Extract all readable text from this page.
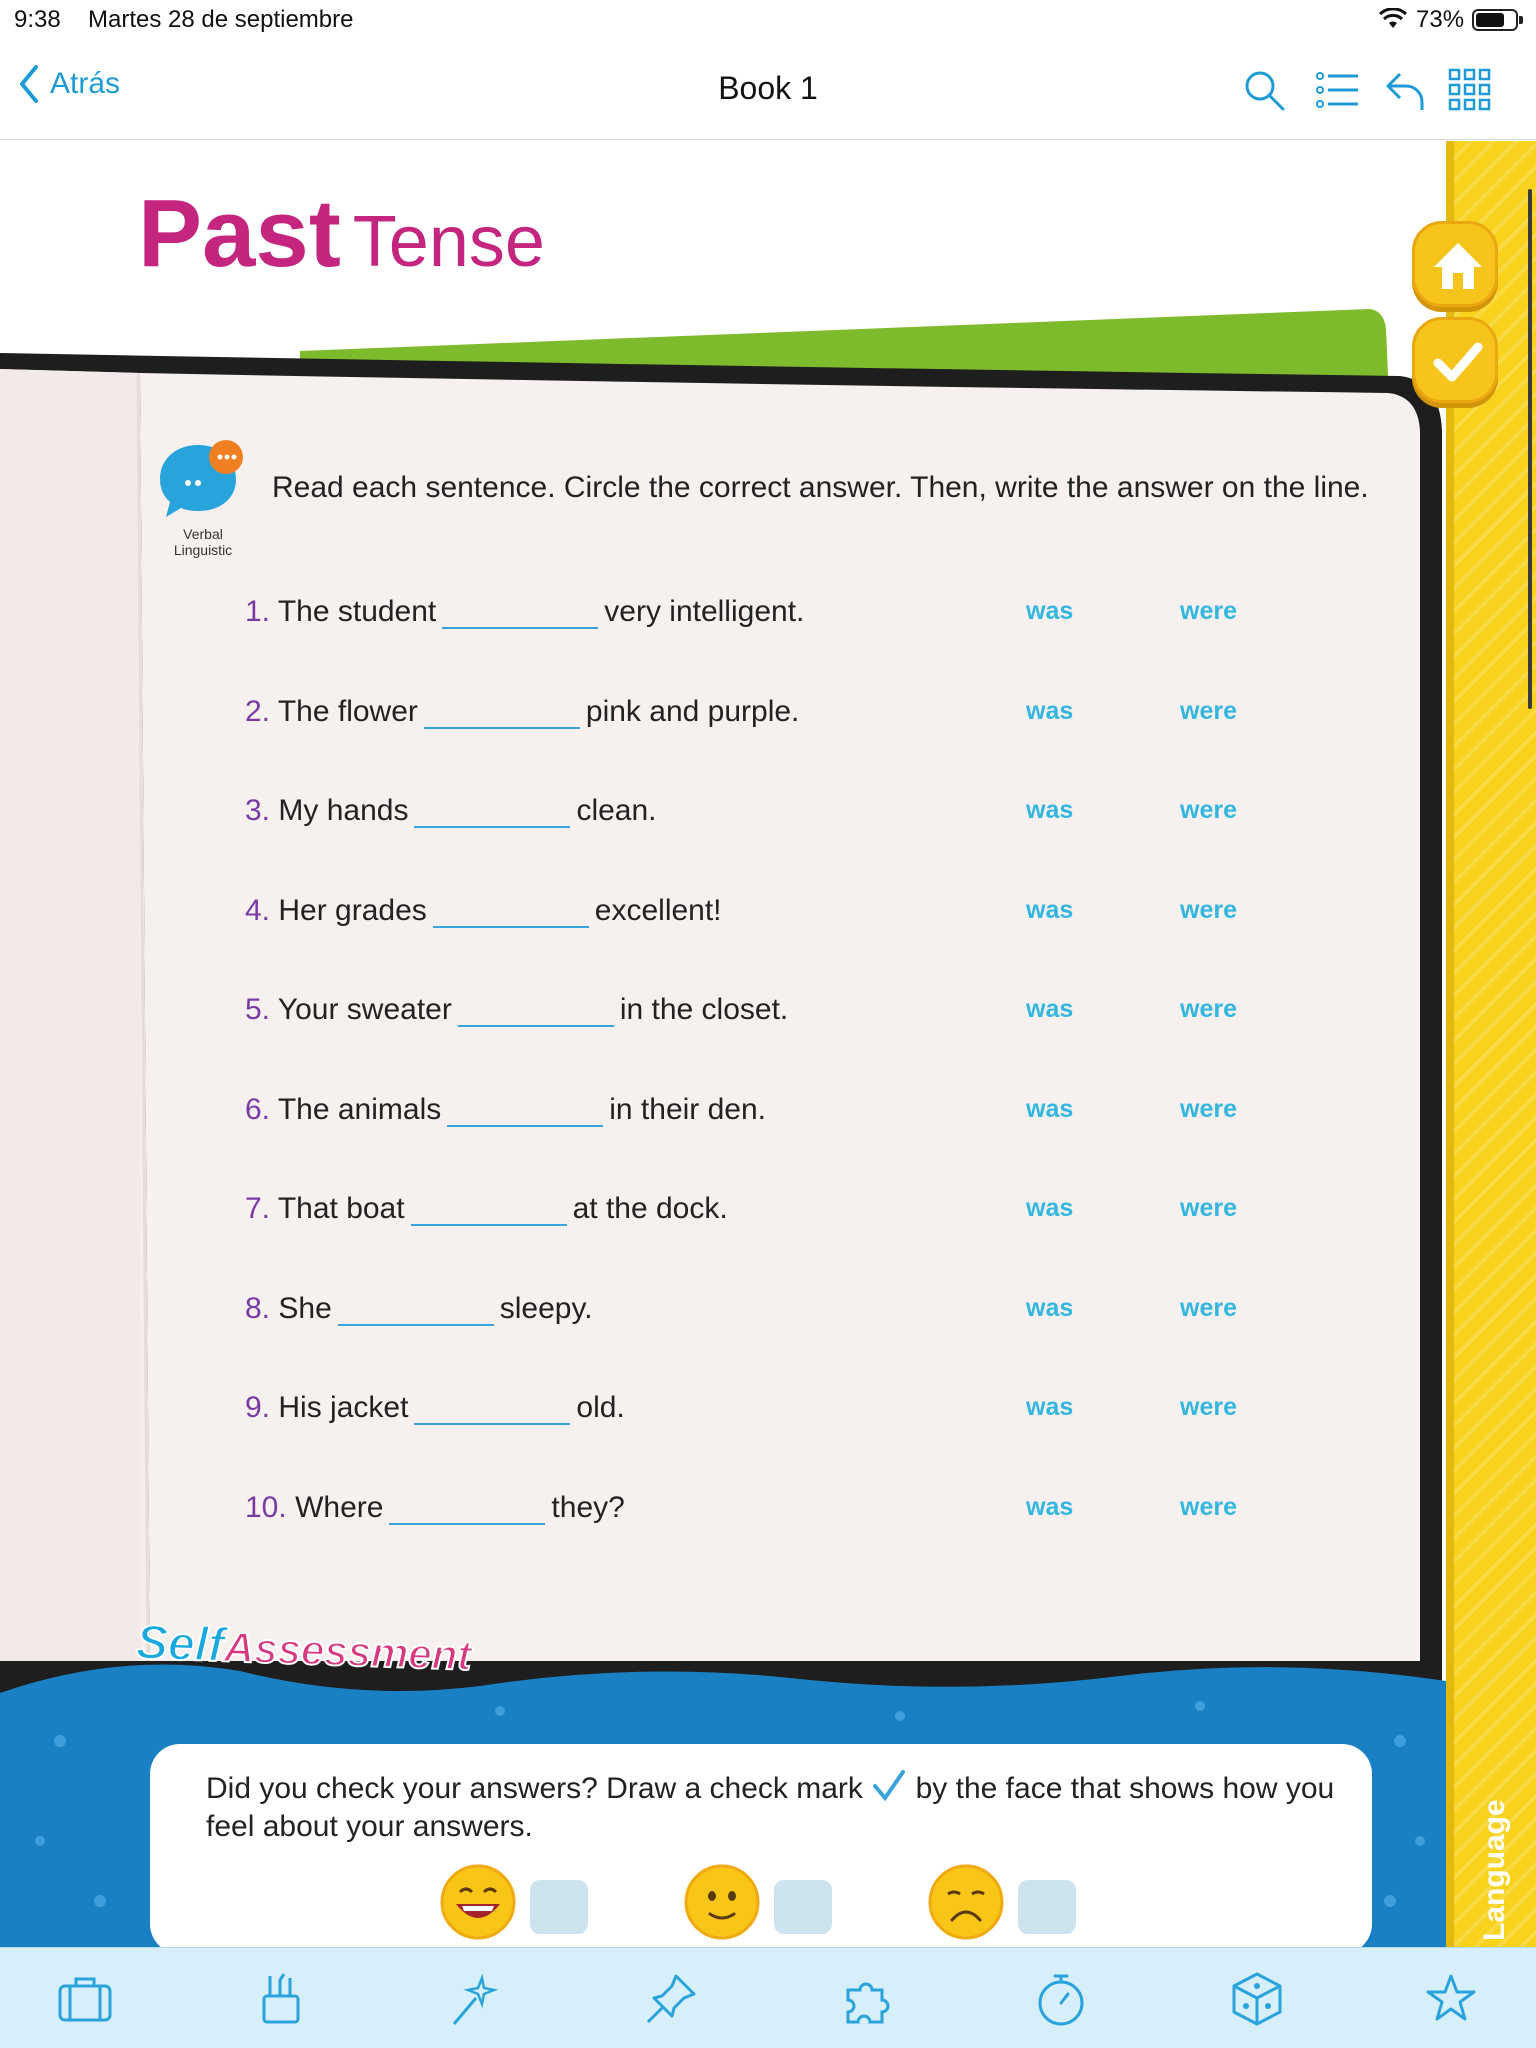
9:38 Martes 28 de septiembre	73%
Atrás	Book 1
Past Tense
Language
Verbal Linguistic
Read each sentence. Circle the correct answer. Then, write the answer on the line.
1. The student	very intelligent.	was	were
2. The flower	pink and purple.	was	were
3. My hands	clean.	was	were
4. Her grades	excellent!	was	were
5. Your sweater	in the closet.	was	were
6. The animals	in their den.	was	were
7. That boat	at the dock.	was	were
8. She	sleepy.	was	were
9. His jacket	old.	was	were
10. Where	they?	was	were
SelfAssessment
Did you check your answers? Draw a check mark by the face that shows how you feel about your answers.
